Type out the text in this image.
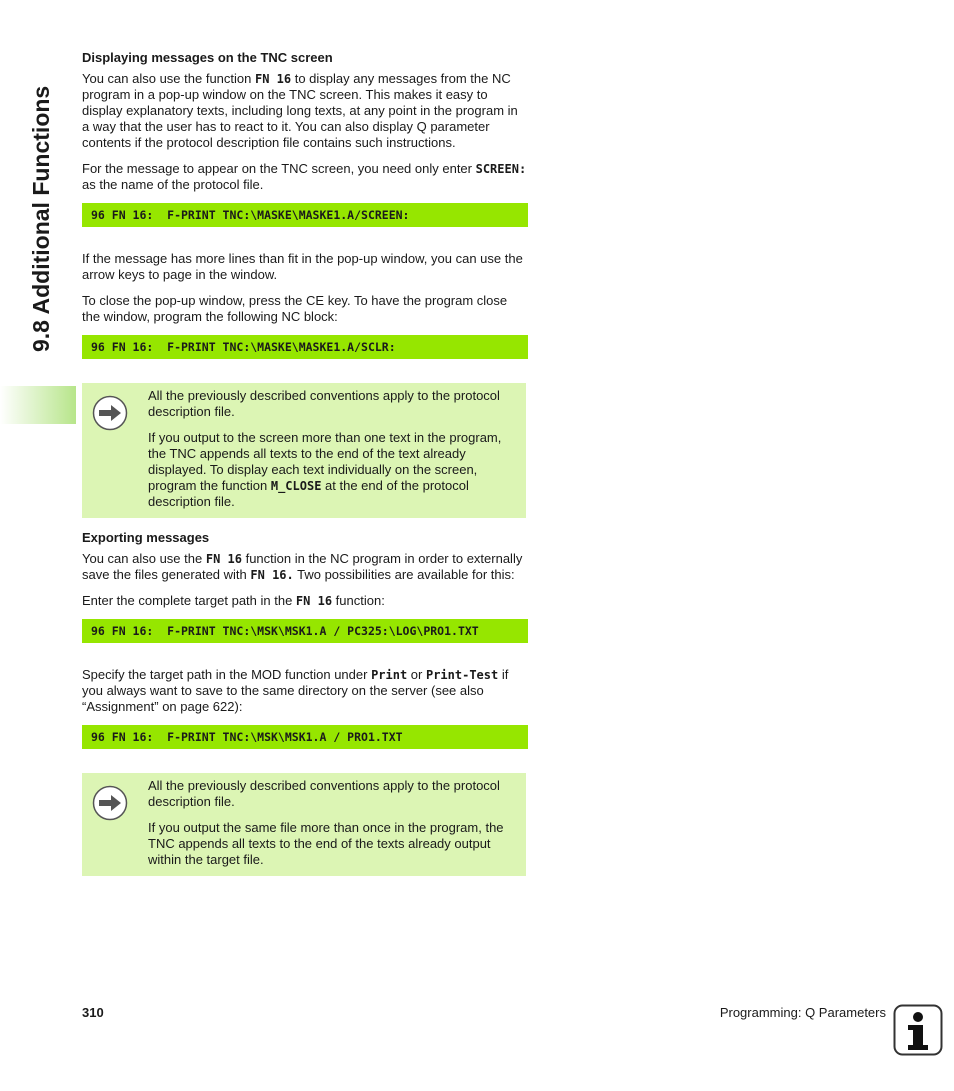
9.8 Additional Functions
Displaying messages on the TNC screen
You can also use the function FN 16 to display any messages from the NC program in a pop-up window on the TNC screen. This makes it easy to display explanatory texts, including long texts, at any point in the program in a way that the user has to react to it. You can also display Q parameter contents if the protocol description file contains such instructions.
For the message to appear on the TNC screen, you need only enter SCREEN: as the name of the protocol file.
96 FN 16:  F-PRINT TNC:\MASKE\MASKE1.A/SCREEN:
If the message has more lines than fit in the pop-up window, you can use the arrow keys to page in the window.
To close the pop-up window, press the CE key. To have the program close the window, program the following NC block:
96 FN 16:  F-PRINT TNC:\MASKE\MASKE1.A/SCLR:
All the previously described conventions apply to the protocol description file.
If you output to the screen more than one text in the program, the TNC appends all texts to the end of the text already displayed. To display each text individually on the screen, program the function M_CLOSE at the end of the protocol description file.
Exporting messages
You can also use the FN 16 function in the NC program in order to externally save the files generated with FN 16. Two possibilities are available for this:
Enter the complete target path in the FN 16 function:
96 FN 16:  F-PRINT TNC:\MSK\MSK1.A / PC325:\LOG\PRO1.TXT
Specify the target path in the MOD function under Print or Print-Test if you always want to save to the same directory on the server (see also “Assignment” on page 622):
96 FN 16:  F-PRINT TNC:\MSK\MSK1.A / PRO1.TXT
All the previously described conventions apply to the protocol description file.
If you output the same file more than once in the program, the TNC appends all texts to the end of the texts already output within the target file.
310	Programming: Q Parameters
